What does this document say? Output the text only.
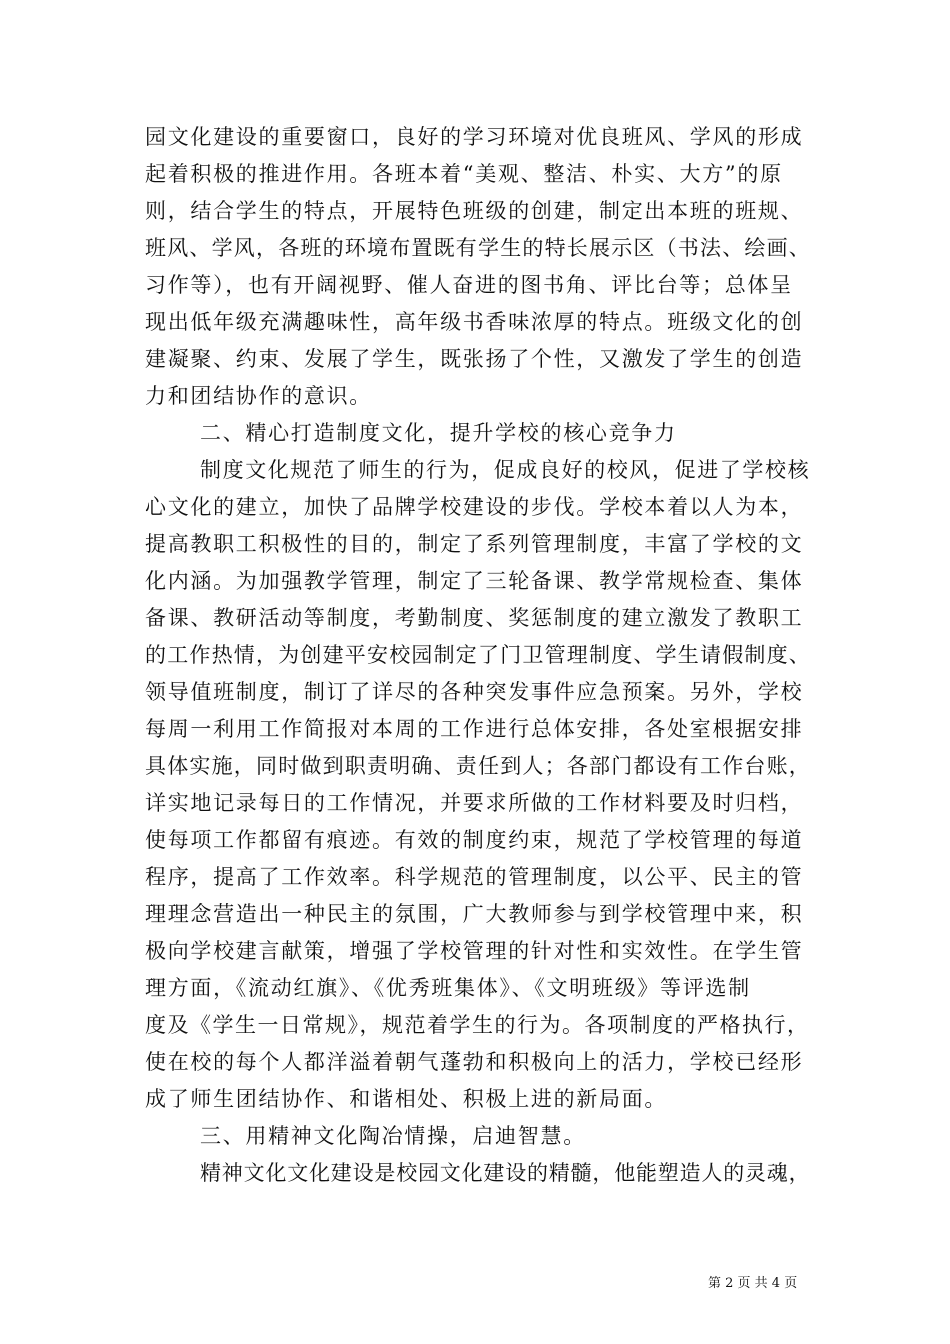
园文化建设的重要窗口，良好的学习环境对优良班风、学风的形成
起着积极的推进作用。各班本着“美观、整洁、朴实、大方”的原
则，结合学生的特点，开展特色班级的创建，制定出本班的班规、
班风、学风，各班的环境布置既有学生的特长展示区（书法、绘画、
习作等），也有开阔视野、催人奋进的图书角、评比台等；总体呈
现出低年级充满趣味性，高年级书香味浓厚的特点。班级文化的创
建凝聚、约束、发展了学生，既张扬了个性，又激发了学生的创造
力和团结协作的意识。
二、精心打造制度文化，提升学校的核心竞争力
制度文化规范了师生的行为，促成良好的校风，促进了学校核
心文化的建立，加快了品牌学校建设的步伐。学校本着以人为本，
提高教职工积极性的目的，制定了系列管理制度，丰富了学校的文
化内涵。为加强教学管理，制定了三轮备课、教学常规检查、集体
备课、教研活动等制度，考勤制度、奖惩制度的建立激发了教职工
的工作热情，为创建平安校园制定了门卫管理制度、学生请假制度、
领导值班制度，制订了详尽的各种突发事件应急预案。另外，学校
每周一利用工作简报对本周的工作进行总体安排，各处室根据安排
具体实施，同时做到职责明确、责任到人；各部门都设有工作台账，
详实地记录每日的工作情况，并要求所做的工作材料要及时归档，
使每项工作都留有痕迹。有效的制度约束，规范了学校管理的每道
程序，提高了工作效率。科学规范的管理制度，以公平、民主的管
理理念营造出一种民主的氛围，广大教师参与到学校管理中来，积
极向学校建言献策，增强了学校管理的针对性和实效性。在学生管
理方面，《流动红旗》、《优秀班集体》、《文明班级》等评选制
度及《学生一日常规》，规范着学生的行为。各项制度的严格执行，
使在校的每个人都洋溢着朝气蓬勃和积极向上的活力，学校已经形
成了师生团结协作、和谐相处、积极上进的新局面。
三、用精神文化陶冶情操，启迪智慧。
精神文化文化建设是校园文化建设的精髓，他能塑造人的灵魂，
第 2 页 共 4 页
